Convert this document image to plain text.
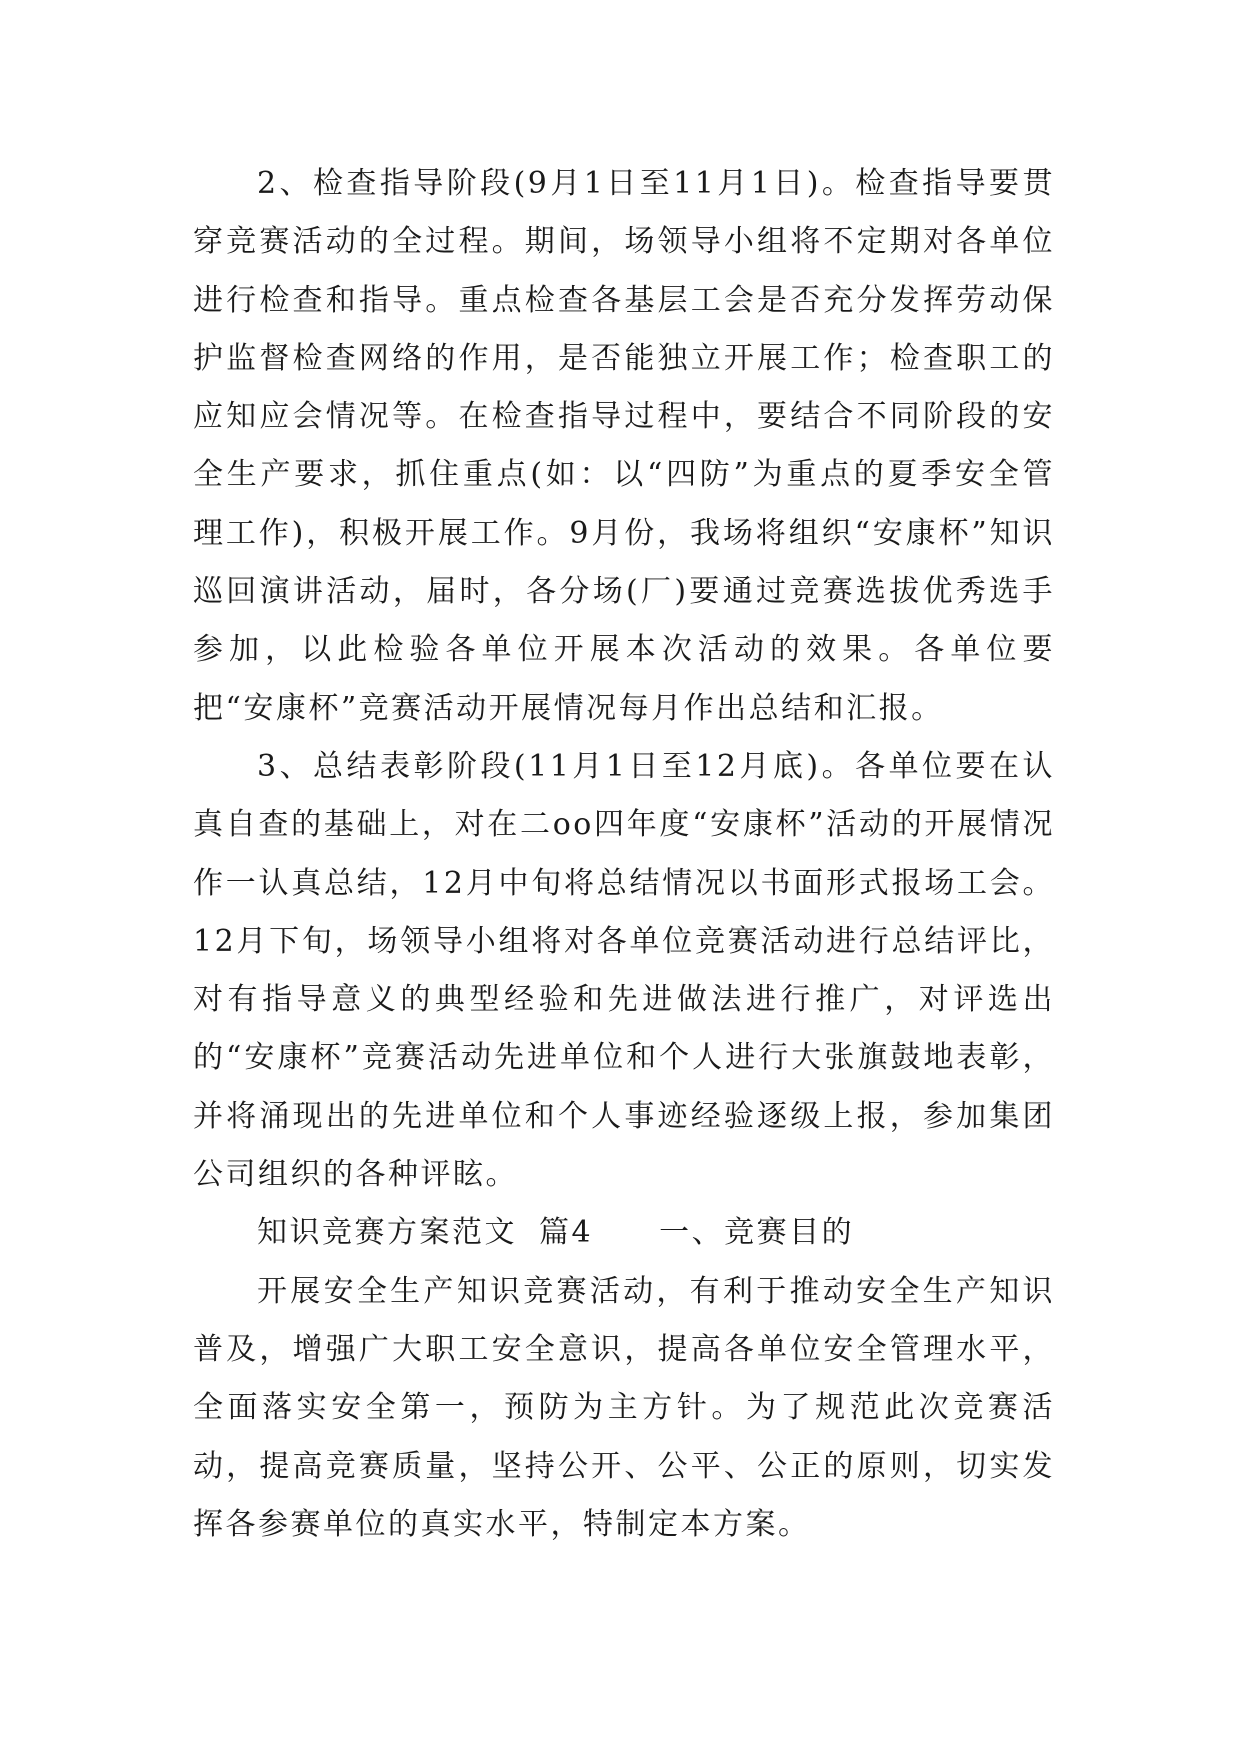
2、检查指导阶段(9月1日至11月1日)。检查指导要贯穿竞赛活动的全过程。期间，场领导小组将不定期对各单位进行检查和指导。重点检查各基层工会是否充分发挥劳动保护监督检查网络的作用，是否能独立开展工作；检查职工的应知应会情况等。在检查指导过程中，要结合不同阶段的安全生产要求，抓住重点(如：以“四防”为重点的夏季安全管理工作)，积极开展工作。9月份，我场将组织“安康杯”知识巡回演讲活动，届时，各分场(厂)要通过竞赛选拔优秀选手参加，以此检验各单位开展本次活动的效果。各单位要把“安康杯”竞赛活动开展情况每月作出总结和汇报。

3、总结表彰阶段(11月1日至12月底)。各单位要在认真自查的基础上，对在二oo四年度“安康杯”活动的开展情况作一认真总结，12月中旬将总结情况以书面形式报场工会。12月下旬，场领导小组将对各单位竞赛活动进行总结评比，对有指导意义的典型经验和先进做法进行推广，对评选出的“安康杯”竞赛活动先进单位和个人进行大张旗鼓地表彰，并将涌现出的先进单位和个人事迹经验逐级上报，参加集团公司组织的各种评眩。

知识竞赛方案范文 篇4 一、竞赛目的

开展安全生产知识竞赛活动，有利于推动安全生产知识普及，增强广大职工安全意识，提高各单位安全管理水平，全面落实安全第一，预防为主方针。为了规范此次竞赛活动，提高竞赛质量，坚持公开、公平、公正的原则，切实发挥各参赛单位的真实水平，特制定本方案。
